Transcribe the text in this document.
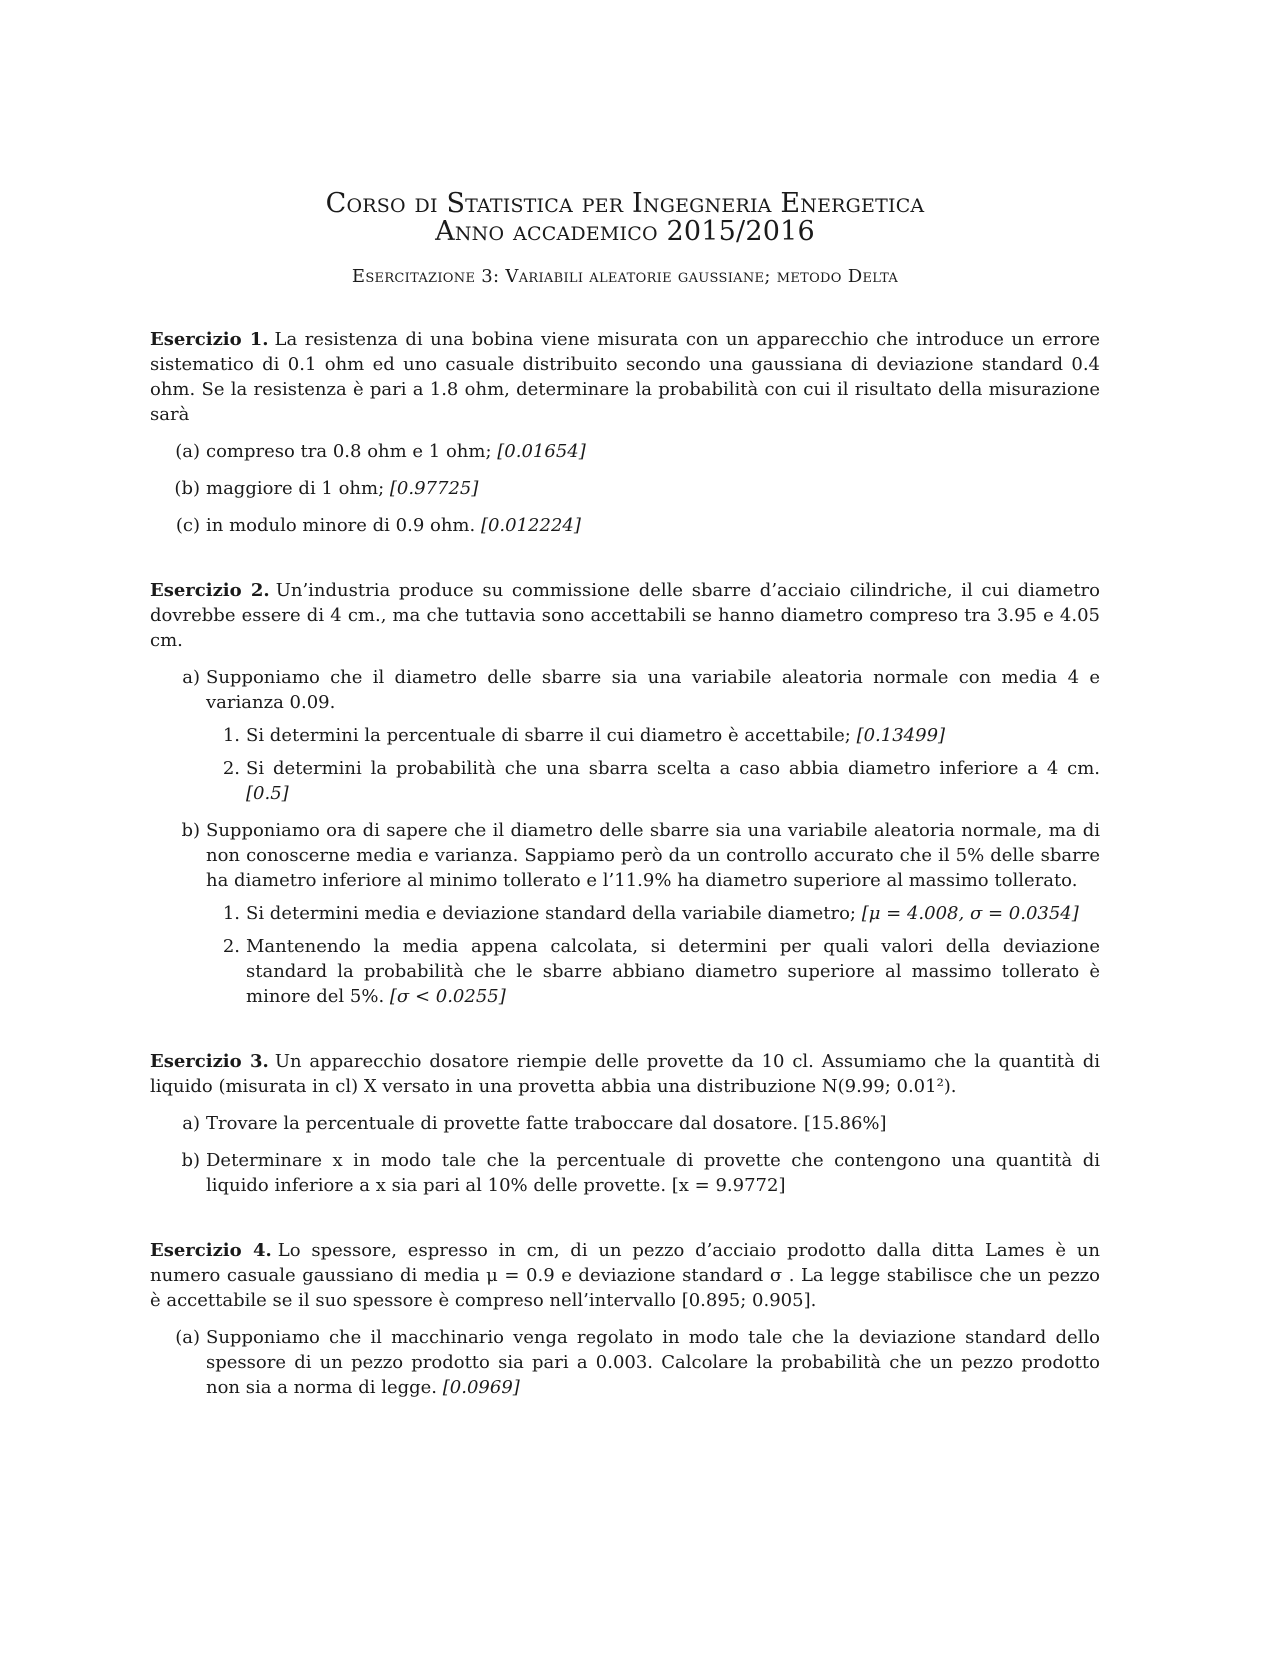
Corso di Statistica per Ingegneria Energetica
Anno accademico 2015/2016
Esercitazione 3: Variabili aleatorie gaussiane; metodo Delta
Esercizio 1. La resistenza di una bobina viene misurata con un apparecchio che introduce un errore sistematico di 0.1 ohm ed uno casuale distribuito secondo una gaussiana di deviazione standard 0.4 ohm. Se la resistenza è pari a 1.8 ohm, determinare la probabilità con cui il risultato della misurazione sarà
(a) compreso tra 0.8 ohm e 1 ohm; [0.01654]
(b) maggiore di 1 ohm; [0.97725]
(c) in modulo minore di 0.9 ohm. [0.012224]
Esercizio 2. Un’industria produce su commissione delle sbarre d’acciaio cilindriche, il cui diametro dovrebbe essere di 4 cm., ma che tuttavia sono accettabili se hanno diametro compreso tra 3.95 e 4.05 cm.
a) Supponiamo che il diametro delle sbarre sia una variabile aleatoria normale con media 4 e varianza 0.09.
1. Si determini la percentuale di sbarre il cui diametro è accettabile; [0.13499]
2. Si determini la probabilità che una sbarra scelta a caso abbia diametro inferiore a 4 cm. [0.5]
b) Supponiamo ora di sapere che il diametro delle sbarre sia una variabile aleatoria normale, ma di non conoscerne media e varianza. Sappiamo però da un controllo accurato che il 5% delle sbarre ha diametro inferiore al minimo tollerato e l’11.9% ha diametro superiore al massimo tollerato.
1. Si determini media e deviazione standard della variabile diametro; [μ = 4.008, σ = 0.0354]
2. Mantenendo la media appena calcolata, si determini per quali valori della deviazione standard la probabilità che le sbarre abbiano diametro superiore al massimo tollerato è minore del 5%. [σ < 0.0255]
Esercizio 3. Un apparecchio dosatore riempie delle provette da 10 cl. Assumiamo che la quantità di liquido (misurata in cl) X versato in una provetta abbia una distribuzione N(9.99; 0.01²).
a) Trovare la percentuale di provette fatte traboccare dal dosatore. [15.86%]
b) Determinare x in modo tale che la percentuale di provette che contengono una quantità di liquido inferiore a x sia pari al 10% delle provette. [x = 9.9772]
Esercizio 4. Lo spessore, espresso in cm, di un pezzo d’acciaio prodotto dalla ditta Lames è un numero casuale gaussiano di media μ = 0.9 e deviazione standard σ . La legge stabilisce che un pezzo è accettabile se il suo spessore è compreso nell’intervallo [0.895; 0.905].
(a) Supponiamo che il macchinario venga regolato in modo tale che la deviazione standard dello spessore di un pezzo prodotto sia pari a 0.003. Calcolare la probabilità che un pezzo prodotto non sia a norma di legge. [0.0969]
